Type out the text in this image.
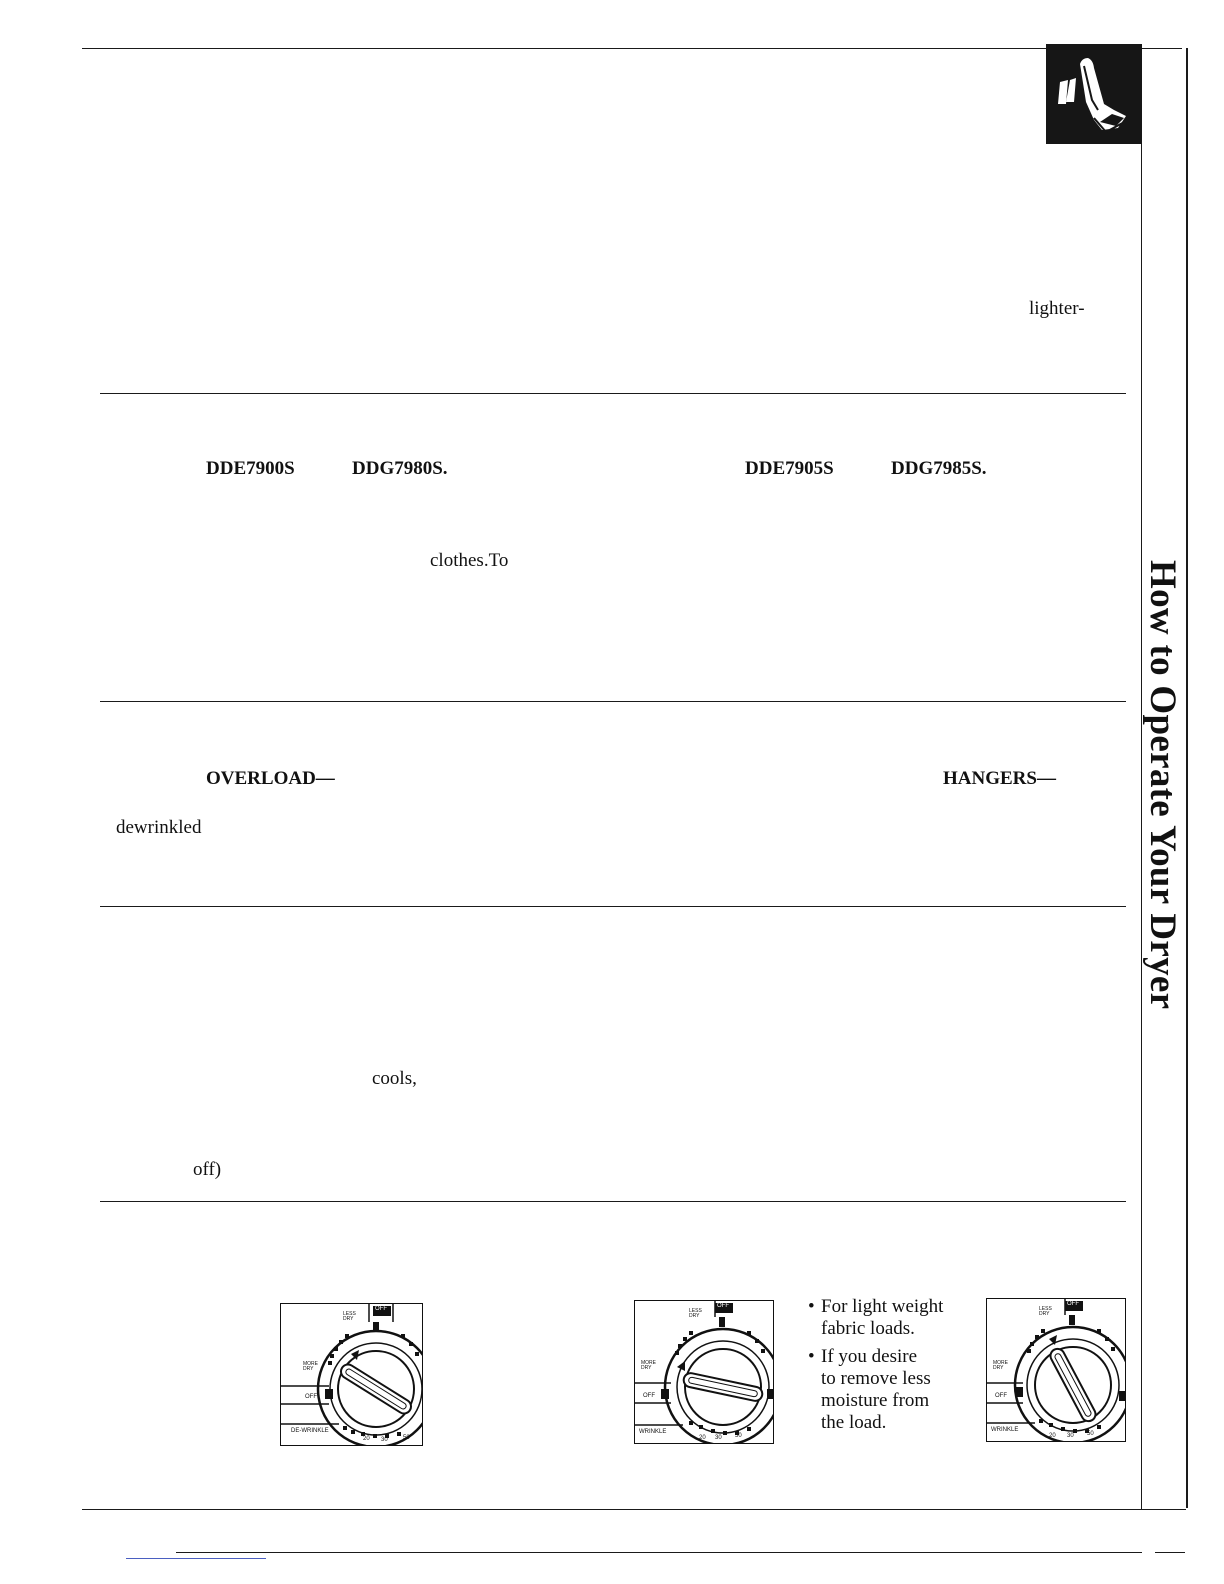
How to Operate Your Dryer
lighter-
DDE7900S	DDG7980S.	DDE7905S	DDG7985S.
clothes.To
OVERLOAD—	HANGERS—
dewrinkled
cools,
off)
OFF
LESS DRY
MORE DRY
OFF
DE-WRINKLE
20 30	50
OFF
LESS DRY
MORE DRY
OFF
WRINKLE
20 30 50
• For light weight
fabric loads.
• If you desire
to remove less
moisture from
the load.
OFF
LESS DRY
MORE DRY
OFF
WRINKLE
20 30 50
